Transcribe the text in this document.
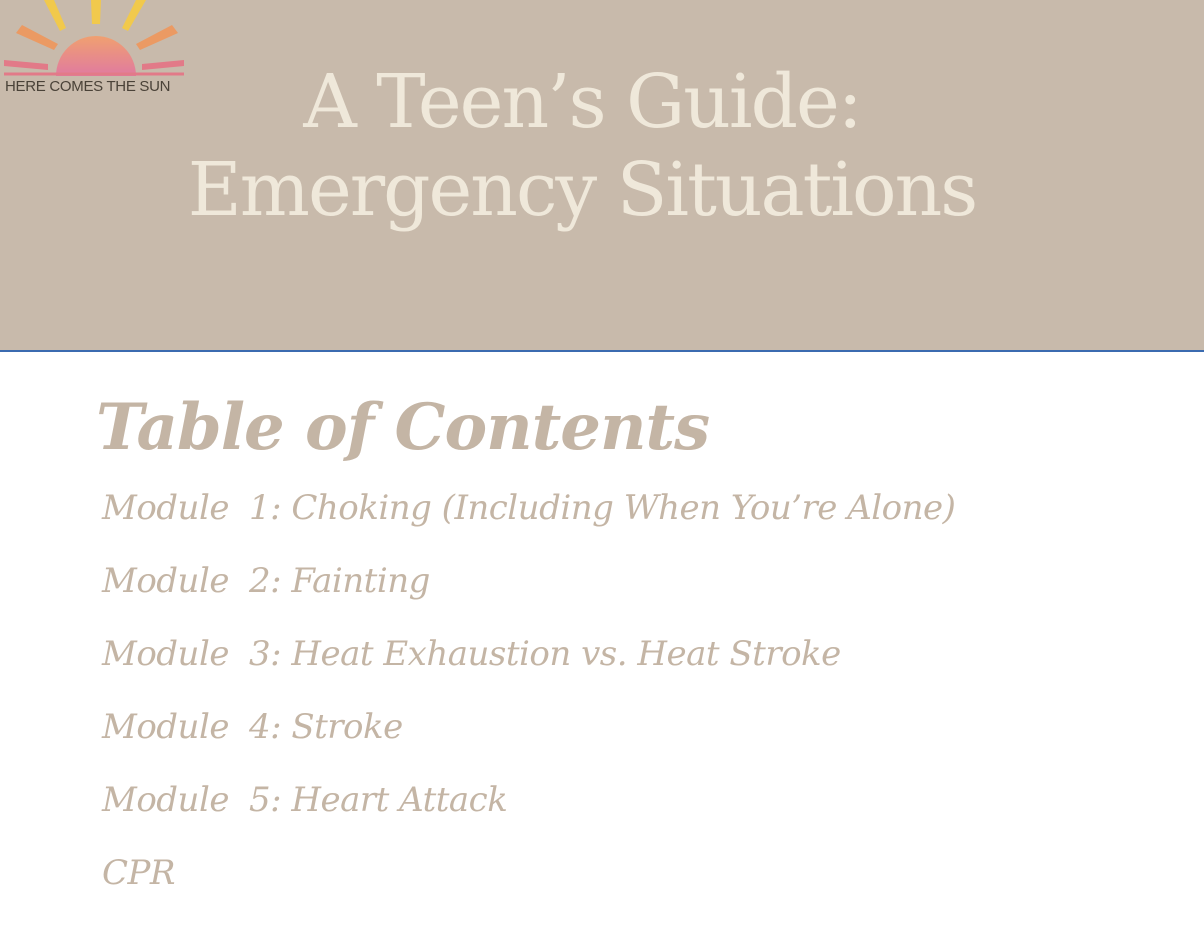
HERE COMES THE SUN	A Teen’s Guide:
Emergency Situations
Table of Contents
Module 1: Choking (Including When You’re Alone)
Module 2: Fainting
Module 3: Heat Exhaustion vs. Heat Stroke
Module 4: Stroke
Module 5: Heart Attack
CPR
